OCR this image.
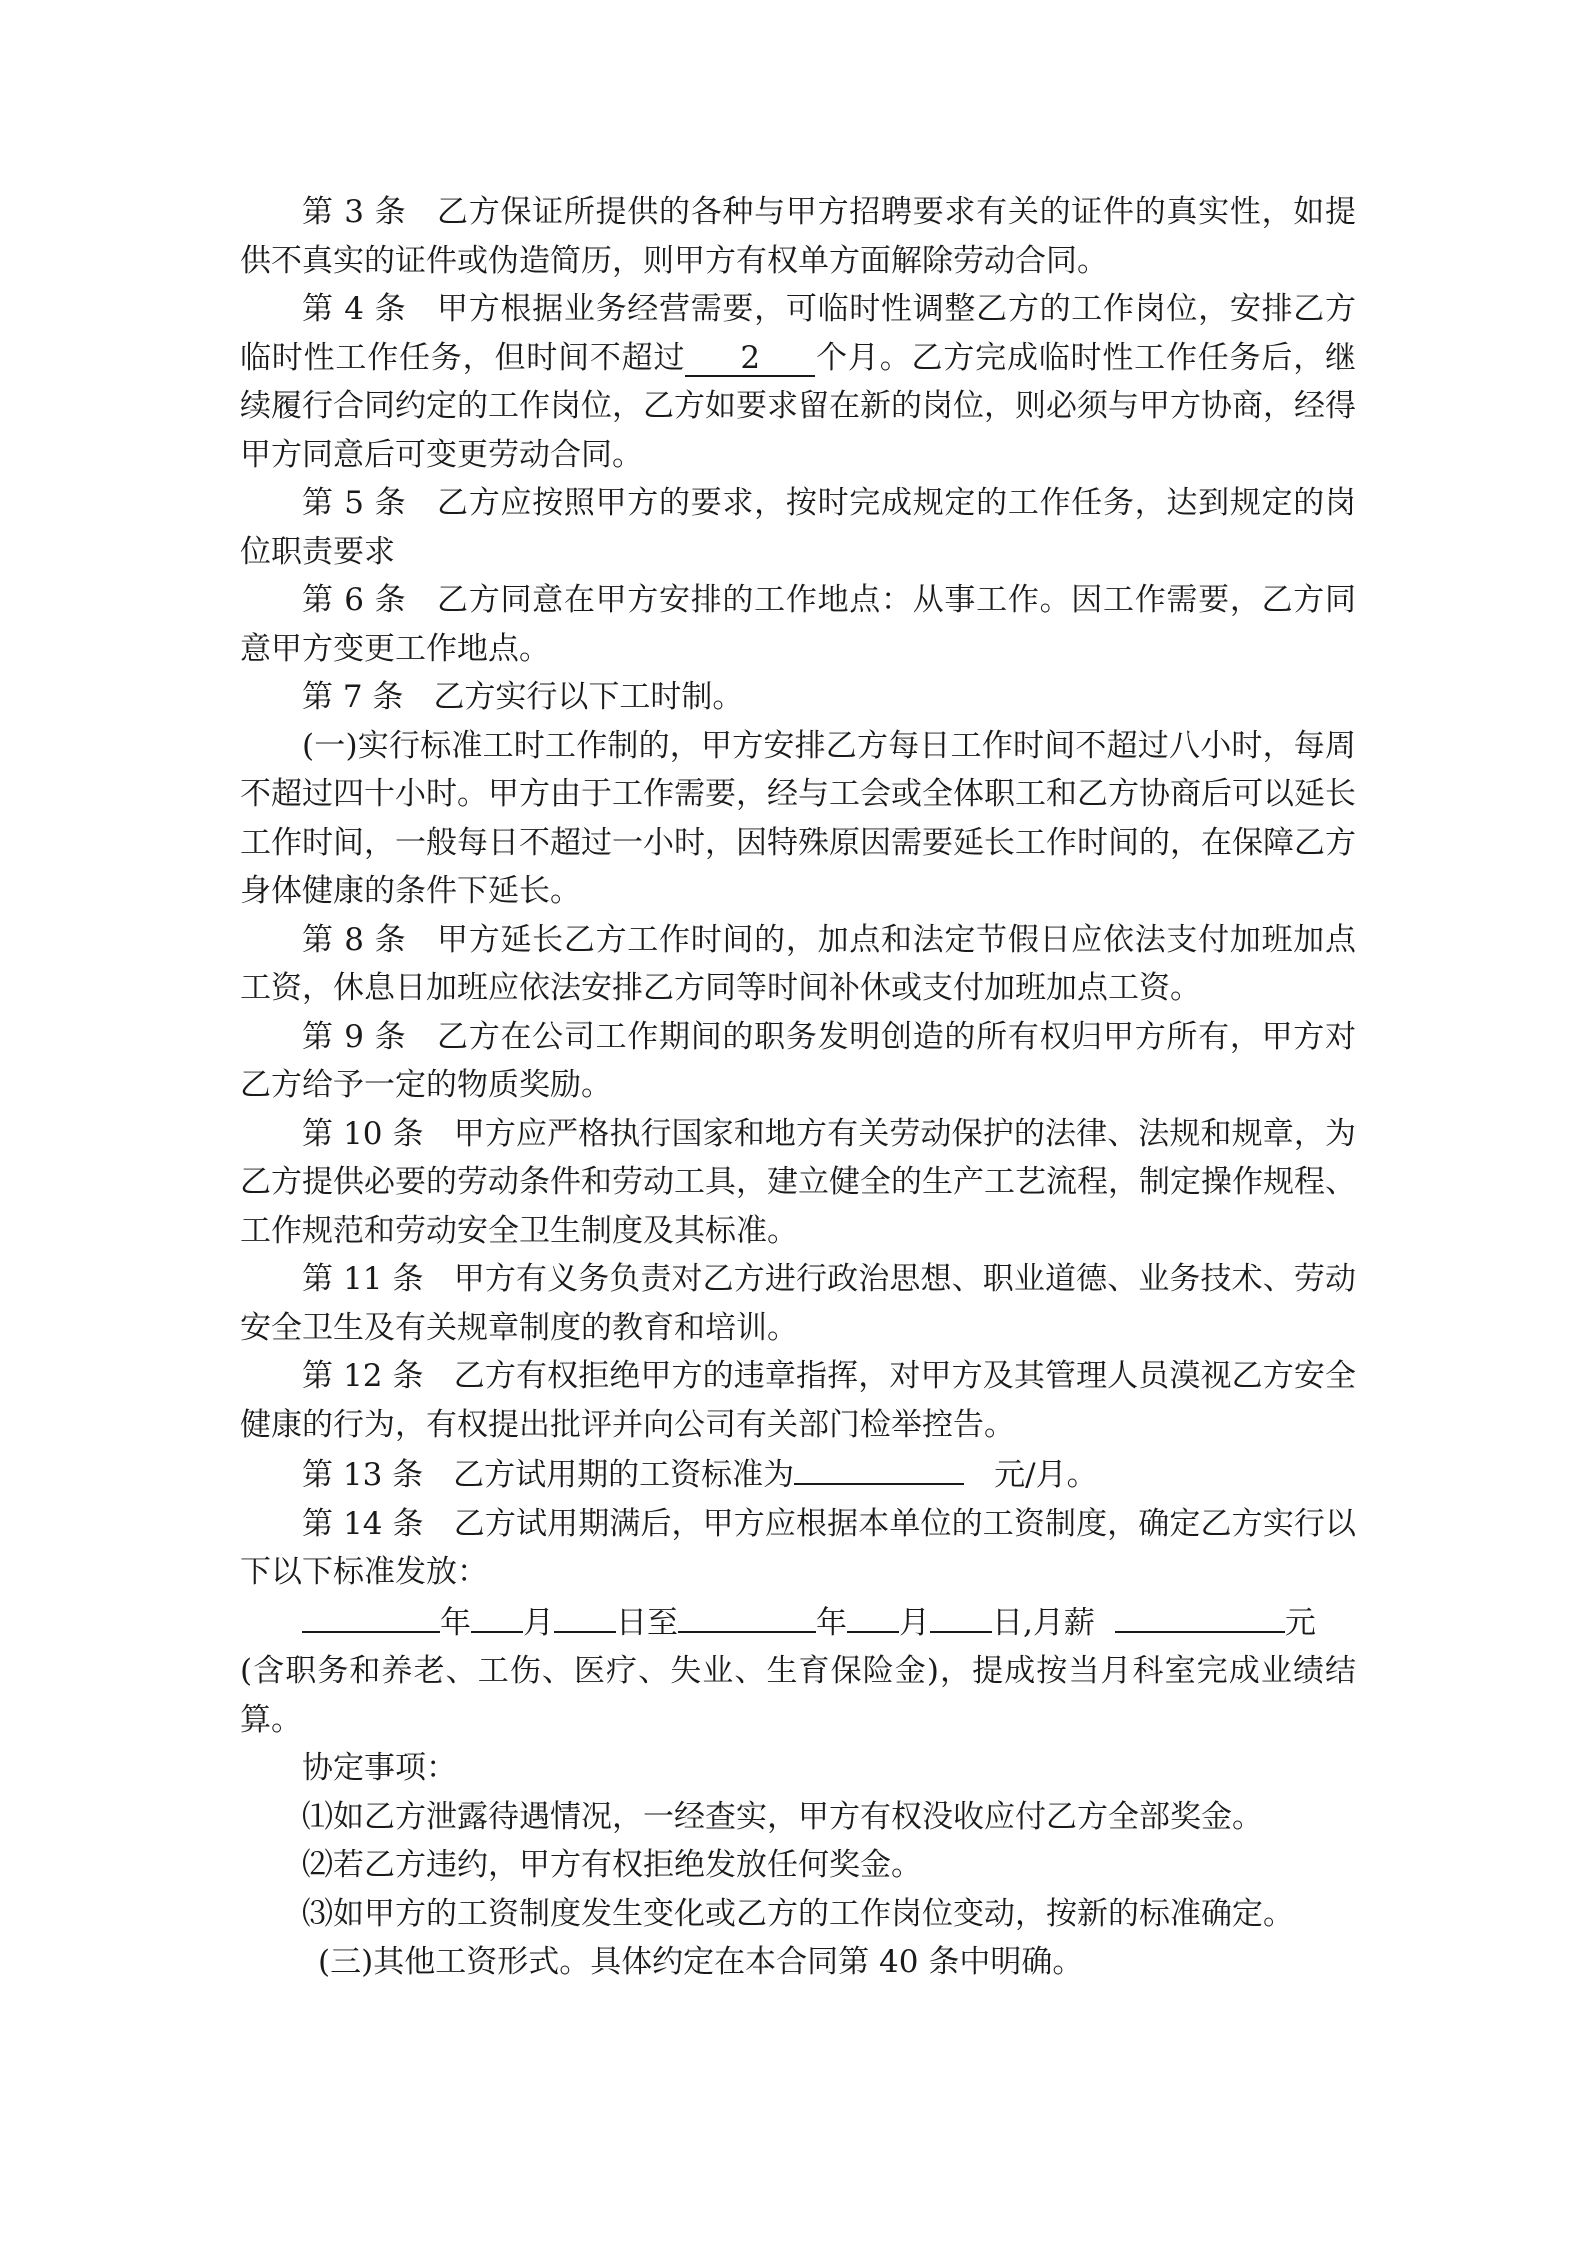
第 3 条 乙方保证所提供的各种与甲方招聘要求有关的证件的真实性，如提供不真实的证件或伪造简历，则甲方有权单方面解除劳动合同。

第 4 条 甲方根据业务经营需要，可临时性调整乙方的工作岗位，安排乙方临时性工作任务，但时间不超过 2 个月。乙方完成临时性工作任务后，继续履行合同约定的工作岗位，乙方如要求留在新的岗位，则必须与甲方协商，经得甲方同意后可变更劳动合同。

第 5 条 乙方应按照甲方的要求，按时完成规定的工作任务，达到规定的岗位职责要求

第 6 条 乙方同意在甲方安排的工作地点：从事工作。因工作需要，乙方同意甲方变更工作地点。

第 7 条 乙方实行以下工时制。

(一)实行标准工时工作制的，甲方安排乙方每日工作时间不超过八小时，每周不超过四十小时。甲方由于工作需要，经与工会或全体职工和乙方协商后可以延长工作时间，一般每日不超过一小时，因特殊原因需要延长工作时间的，在保障乙方身体健康的条件下延长。

第 8 条 甲方延长乙方工作时间的，加点和法定节假日应依法支付加班加点工资，休息日加班应依法安排乙方同等时间补休或支付加班加点工资。

第 9 条 乙方在公司工作期间的职务发明创造的所有权归甲方所有，甲方对乙方给予一定的物质奖励。

第 10 条 甲方应严格执行国家和地方有关劳动保护的法律、法规和规章，为乙方提供必要的劳动条件和劳动工具，建立健全的生产工艺流程，制定操作规程、工作规范和劳动安全卫生制度及其标准。

第 11 条 甲方有义务负责对乙方进行政治思想、职业道德、业务技术、劳动安全卫生及有关规章制度的教育和培训。

第 12 条 乙方有权拒绝甲方的违章指挥，对甲方及其管理人员漠视乙方安全健康的行为，有权提出批评并向公司有关部门检举控告。

第 13 条 乙方试用期的工资标准为	元/月。

第 14 条 乙方试用期满后，甲方应根据本单位的工资制度，确定乙方实行以下以下标准发放：

年 月 日至	年 月 日,月薪	元

(含职务和养老、工伤、医疗、失业、生育保险金)，提成按当月科室完成业绩结算。

协定事项：

⑴如乙方泄露待遇情况，一经查实，甲方有权没收应付乙方全部奖金。

⑵若乙方违约，甲方有权拒绝发放任何奖金。

⑶如甲方的工资制度发生变化或乙方的工作岗位变动，按新的标准确定。

(三)其他工资形式。具体约定在本合同第 40 条中明确。
